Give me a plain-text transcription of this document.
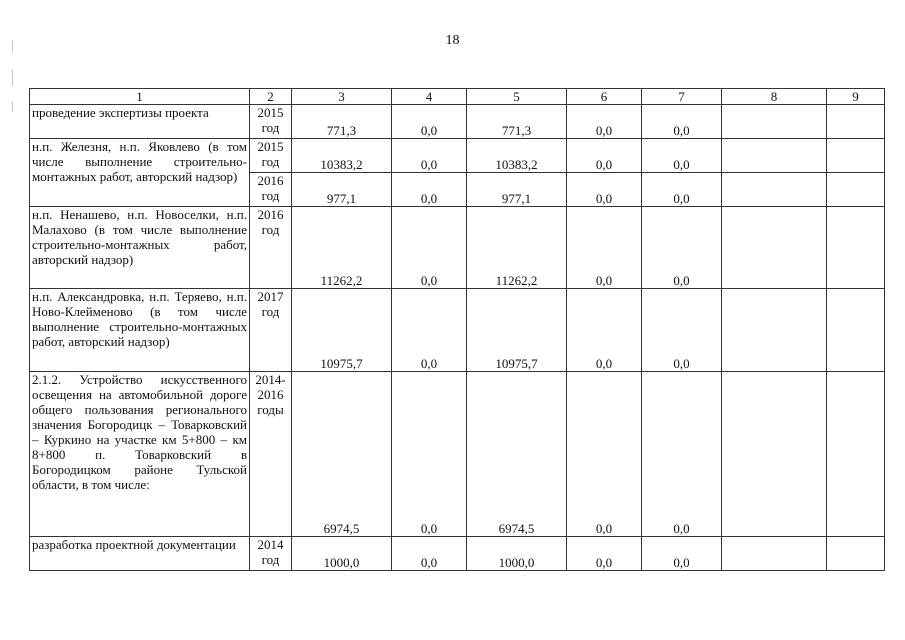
18
1	2	3	4	5	6	7	8	9
проведение экспертизы проекта	2015 год	771,3	0,0	771,3	0,0	0,0		
н.п. Железня, н.п. Яковлево (в том числе выполнение строительно-монтажных работ, авторский надзор)	2015 год	10383,2	0,0	10383,2	0,0	0,0		
	2016 год	977,1	0,0	977,1	0,0	0,0		
н.п. Ненашево, н.п. Новоселки, н.п. Малахово (в том числе выполнение строительно-монтажных работ, авторский надзор)	2016 год	11262,2	0,0	11262,2	0,0	0,0		
н.п. Александровка, н.п. Теряево, н.п. Ново-Клейменово (в том числе выполнение строительно-монтажных работ, авторский надзор)	2017 год	10975,7	0,0	10975,7	0,0	0,0		
2.1.2. Устройство искусственного освещения на автомобильной дороге общего пользования регионального значения Богородицк – Товарковский – Куркино на участке км 5+800 – км 8+800 п. Товарковский в Богородицком районе Тульской области, в том числе:	2014-2016 годы	6974,5	0,0	6974,5	0,0	0,0		
разработка проектной документации	2014 год	1000,0	0,0	1000,0	0,0	0,0		
